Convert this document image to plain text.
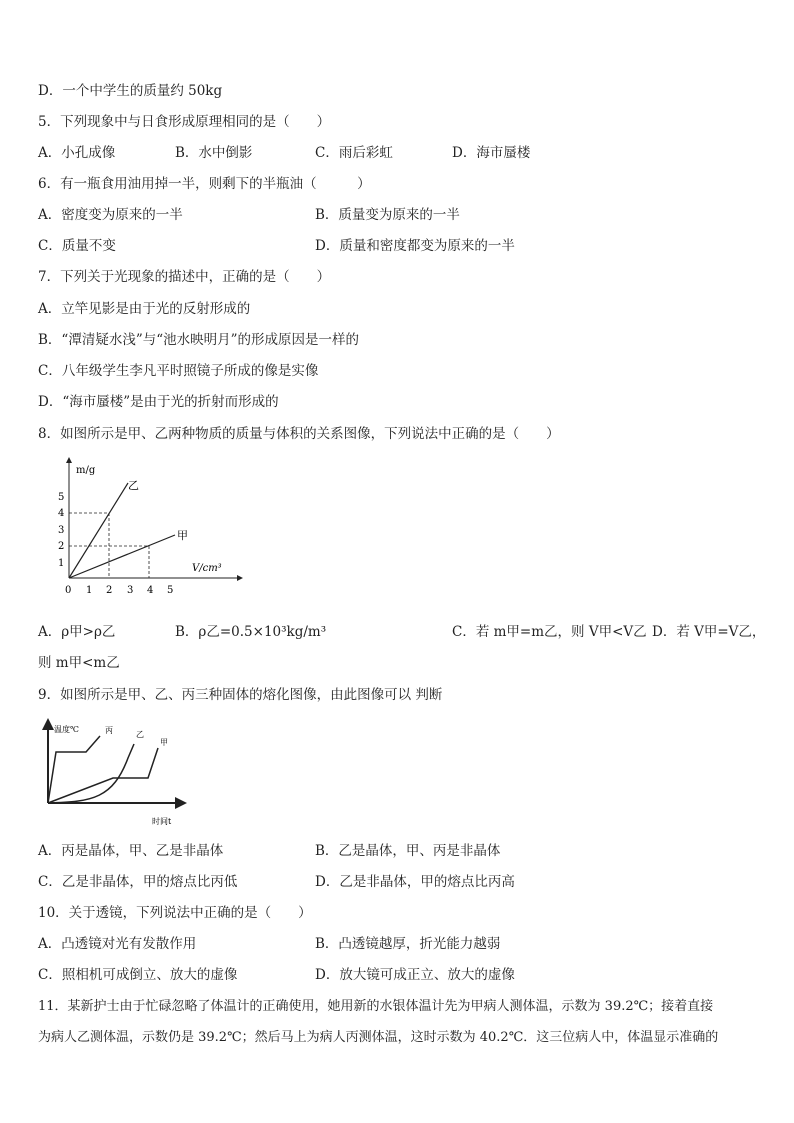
D．一个中学生的质量约 50kg
5．下列现象中与日食形成原理相同的是（　　）
A．小孔成像	B．水中倒影	C．雨后彩虹	D．海市蜃楼
6．有一瓶食用油用掉一半，则剩下的半瓶油（　　　）
A．密度变为原来的一半	B．质量变为原来的一半
C．质量不变	D．质量和密度都变为原来的一半
7．下列关于光现象的描述中，正确的是（　　）
A．立竿见影是由于光的反射形成的
B．“潭清疑水浅”与“池水映明月”的形成原因是一样的
C．八年级学生李凡平时照镜子所成的像是实像
D．“海市蜃楼”是由于光的折射而形成的
8．如图所示是甲、乙两种物质的质量与体积的关系图像，下列说法中正确的是（　　）
m/g
V/cm³
1
2
3
4
5
0 1 2 3 4 5
乙
甲
A．ρ甲>ρ乙	B．ρ乙=0.5×10³kg/m³	C．若 m甲=m乙，则 V甲<V乙 D．若 V甲=V乙，
则 m甲<m乙
9．如图所示是甲、乙、丙三种固体的熔化图像，由此图像可以 判断
温度℃
时间t
丙	乙
甲
A．丙是晶体，甲、乙是非晶体	B．乙是晶体，甲、丙是非晶体
C．乙是非晶体，甲的熔点比丙低	D．乙是非晶体，甲的熔点比丙高
10．关于透镜，下列说法中正确的是（　　）
A．凸透镜对光有发散作用	B．凸透镜越厚，折光能力越弱
C．照相机可成倒立、放大的虚像	D．放大镜可成正立、放大的虚像
11．某新护士由于忙碌忽略了体温计的正确使用，她用新的水银体温计先为甲病人测体温，示数为 39.2℃；接着直接
为病人乙测体温，示数仍是 39.2℃；然后马上为病人丙测体温，这时示数为 40.2℃．这三位病人中，体温显示准确的
